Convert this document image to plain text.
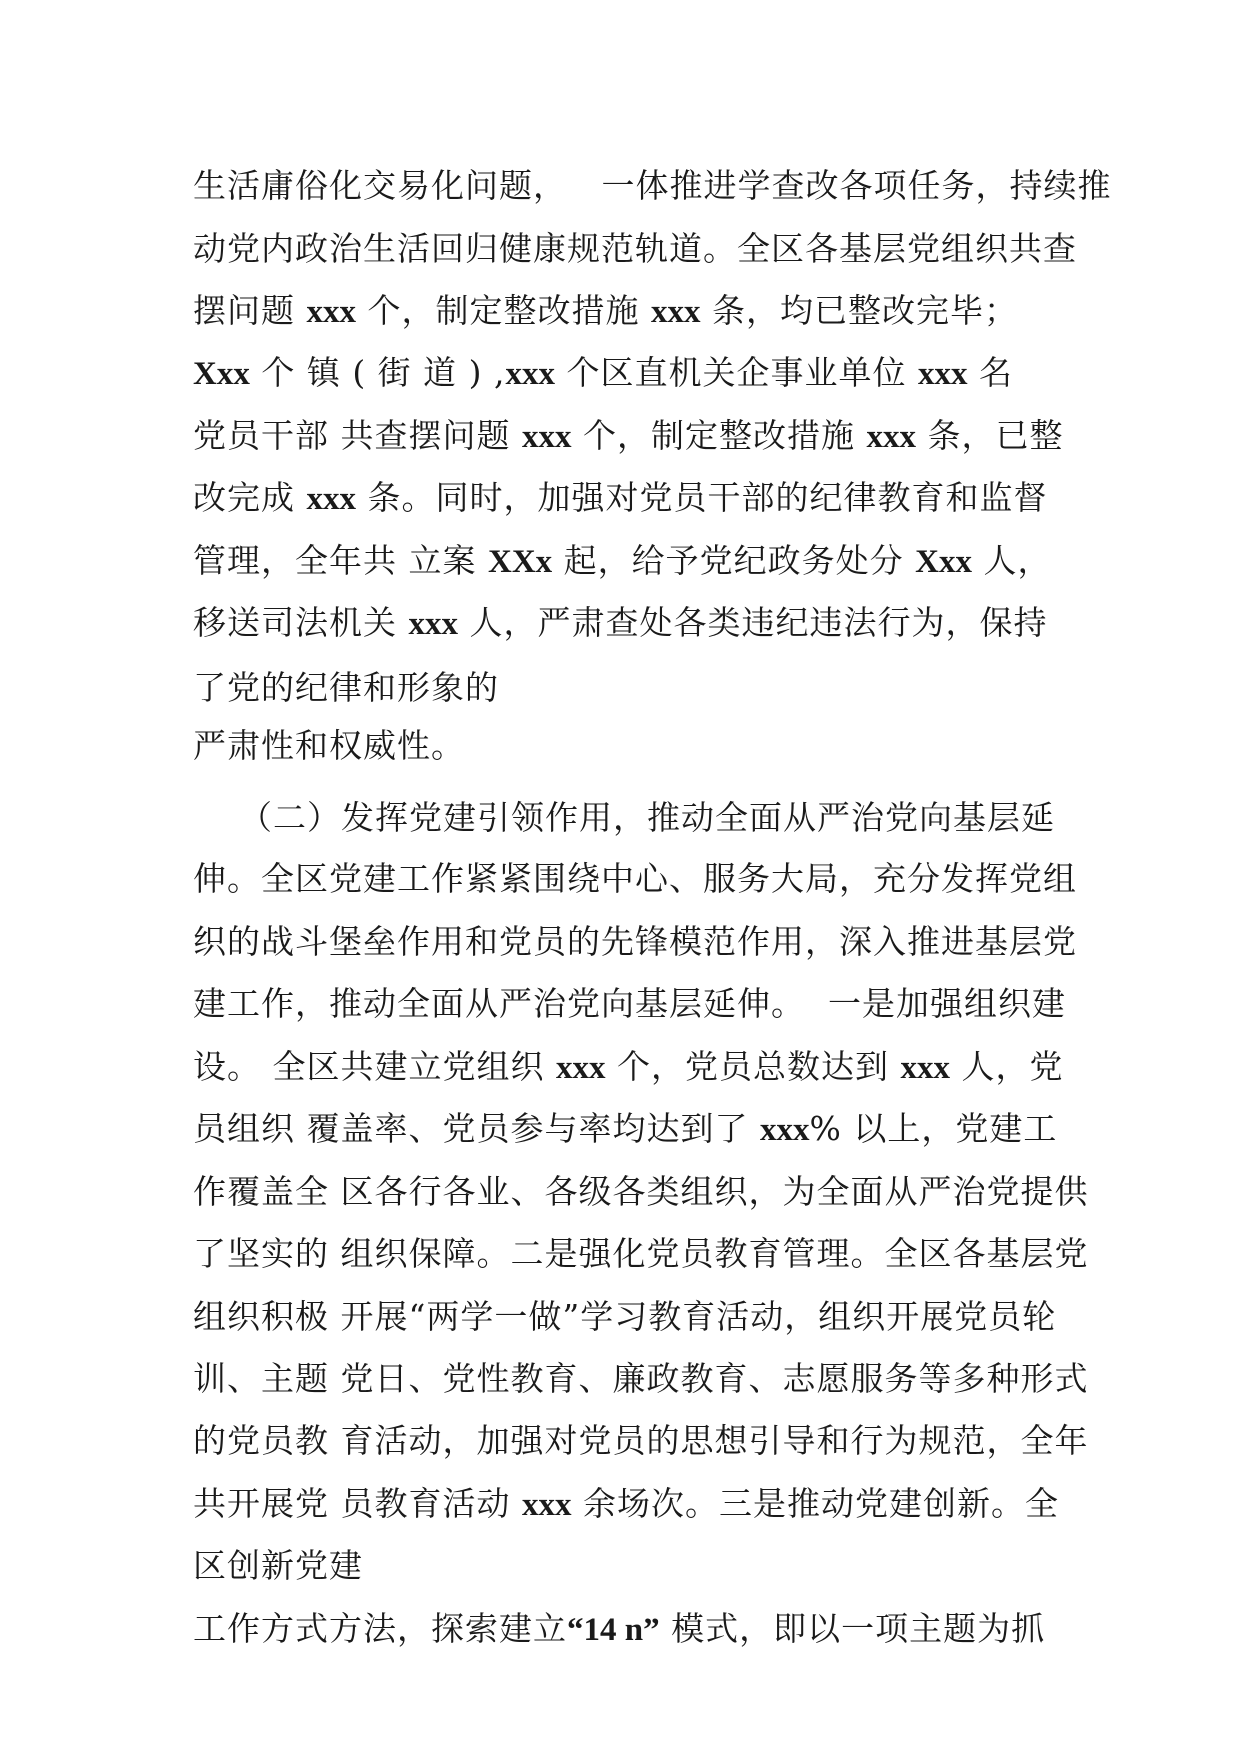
生活庸俗化交易化问题，   一体推进学查改各项任务，持续推
动党内政治生活回归健康规范轨道。全区各基层党组织共查
摆问题 xxx 个，制定整改措施 xxx 条，均已整改完毕；
Xxx 个 镇 ( 街 道 ) ,xxx 个区直机关企事业单位 xxx 名
党员干部 共查摆问题 xxx 个，制定整改措施 xxx 条，已整
改完成 xxx 条。同时，加强对党员干部的纪律教育和监督
管理，全年共 立案 XXx 起，给予党纪政务处分 Xxx 人，
移送司法机关 xxx 人，严肃查处各类违纪违法行为，保持
了党的纪律和形象的
严肃性和权威性。
（二）发挥党建引领作用，推动全面从严治党向基层延
伸。全区党建工作紧紧围绕中心、服务大局，充分发挥党组
织的战斗堡垒作用和党员的先锋模范作用，深入推进基层党
建工作，推动全面从严治党向基层延伸。  一是加强组织建
设。 全区共建立党组织 xxx 个，党员总数达到 xxx 人，党
员组织 覆盖率、党员参与率均达到了 xxx% 以上，党建工
作覆盖全 区各行各业、各级各类组织，为全面从严治党提供
了坚实的 组织保障。二是强化党员教育管理。全区各基层党
组织积极 开展“两学一做”学习教育活动，组织开展党员轮
训、主题 党日、党性教育、廉政教育、志愿服务等多种形式
的党员教 育活动，加强对党员的思想引导和行为规范，全年
共开展党 员教育活动 xxx 余场次。三是推动党建创新。全
区创新党建
工作方式方法，探索建立“14 n” 模式，即以一项主题为抓
